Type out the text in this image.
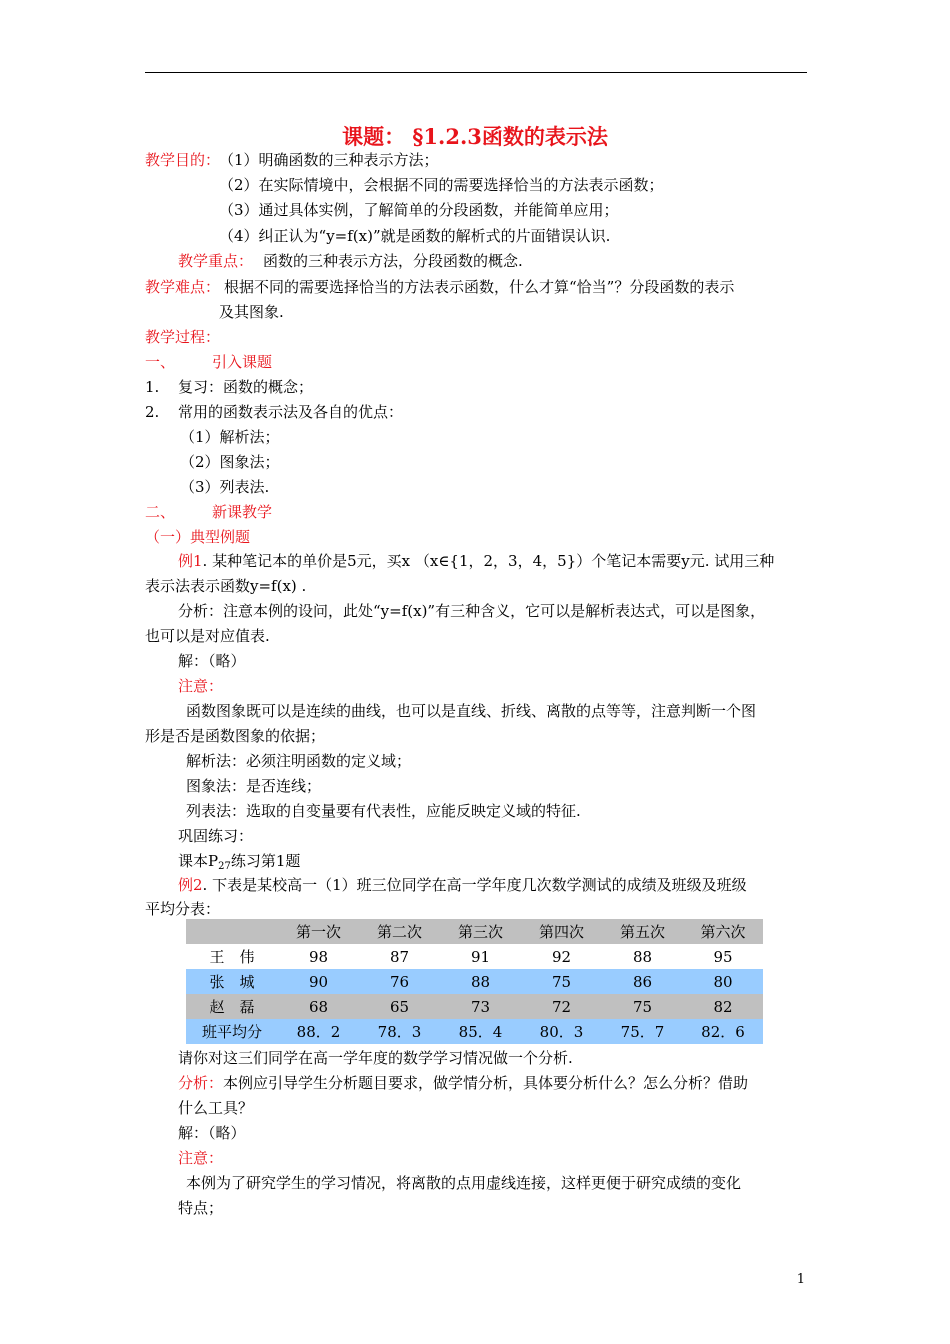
课题： §1.2.3函数的表示法
教学目的：
（1）明确函数的三种表示方法；
（2）在实际情境中，会根据不同的需要选择恰当的方法表示函数；
（3）通过具体实例，了解简单的分段函数，并能简单应用；
（4）纠正认为“y=f(x)”就是函数的解析式的片面错误认识.
教学重点： 函数的三种表示方法，分段函数的概念.
教学难点： 根据不同的需要选择恰当的方法表示函数，什么才算“恰当”？分段函数的表示
及其图象.
教学过程：
一、 引入课题
1. 复习：函数的概念；
2. 常用的函数表示法及各自的优点：
（1）解析法；
（2）图象法；
（3）列表法.
二、 新课教学
（一）典型例题
例1. 某种笔记本的单价是5元，买x （x∈{1，2，3，4，5}）个笔记本需要y元. 试用三种
表示法表示函数y=f(x) .
分析：注意本例的设问，此处“y=f(x)”有三种含义，它可以是解析表达式，可以是图象，
也可以是对应值表.
解：（略）
注意：
函数图象既可以是连续的曲线，也可以是直线、折线、离散的点等等，注意判断一个图
形是否是函数图象的依据；
解析法：必须注明函数的定义域；
图象法：是否连线；
列表法：选取的自变量要有代表性，应能反映定义域的特征.
巩固练习：
课本$P_{27}$练习第1题
例2. 下表是某校高一（1）班三位同学在高一学年度几次数学测试的成绩及班级及班级
平均分表：
	第一次	第二次	第三次	第四次	第五次	第六次
王　伟	98	87	91	92	88	95
张　城	90	76	88	75	86	80
赵　磊	68	65	73	72	75	82
班平均分	88．2	78．3	85．4	80．3	75．7	82．6
请你对这三们同学在高一学年度的数学学习情况做一个分析.
分析：本例应引导学生分析题目要求，做学情分析，具体要分析什么？怎么分析？借助
什么工具？
解：（略）
注意：
本例为了研究学生的学习情况，将离散的点用虚线连接，这样更便于研究成绩的变化
特点；
1
